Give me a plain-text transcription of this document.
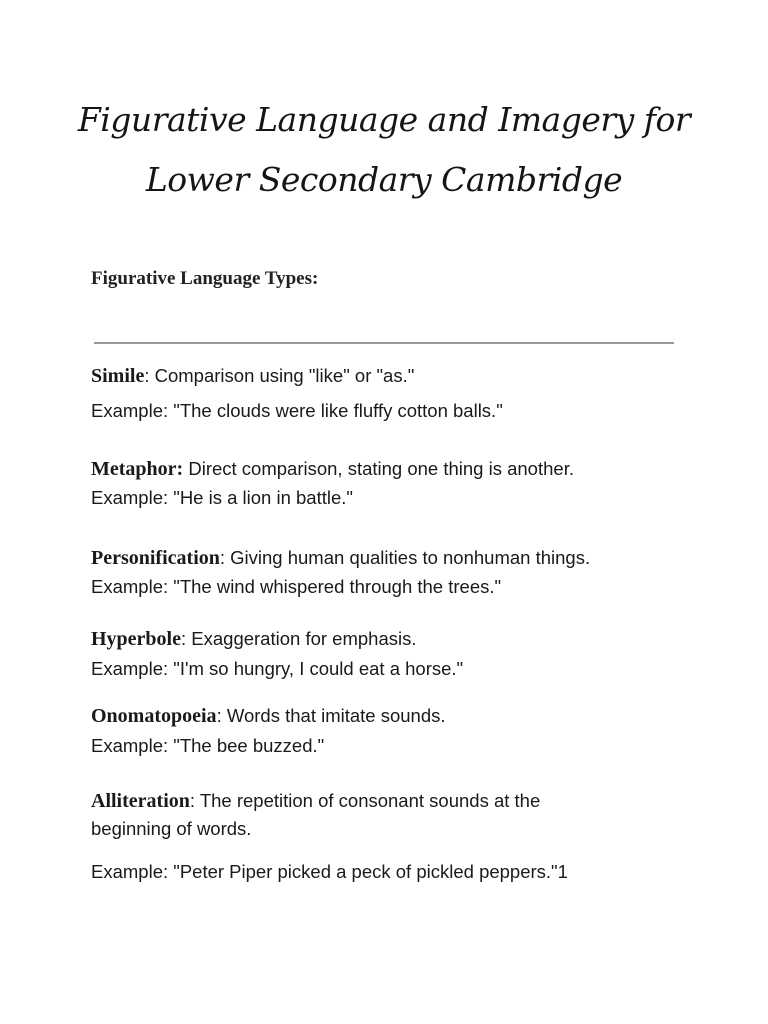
Figurative Language and Imagery for
Lower Secondary Cambridge

Figurative Language Types:

Simile: Comparison using "like" or "as."

Example: "The clouds were like fluffy cotton balls."

Metaphor: Direct comparison, stating one thing is another.

Example: "He is a lion in battle."

Personification: Giving human qualities to nonhuman things.

Example: "The wind whispered through the trees."

Hyperbole: Exaggeration for emphasis.

Example: "I'm so hungry, I could eat a horse."

Onomatopoeia: Words that imitate sounds.

Example: "The bee buzzed."

Alliteration: The repetition of consonant sounds at the

beginning of words.

Example: "Peter Piper picked a peck of pickled peppers."1
